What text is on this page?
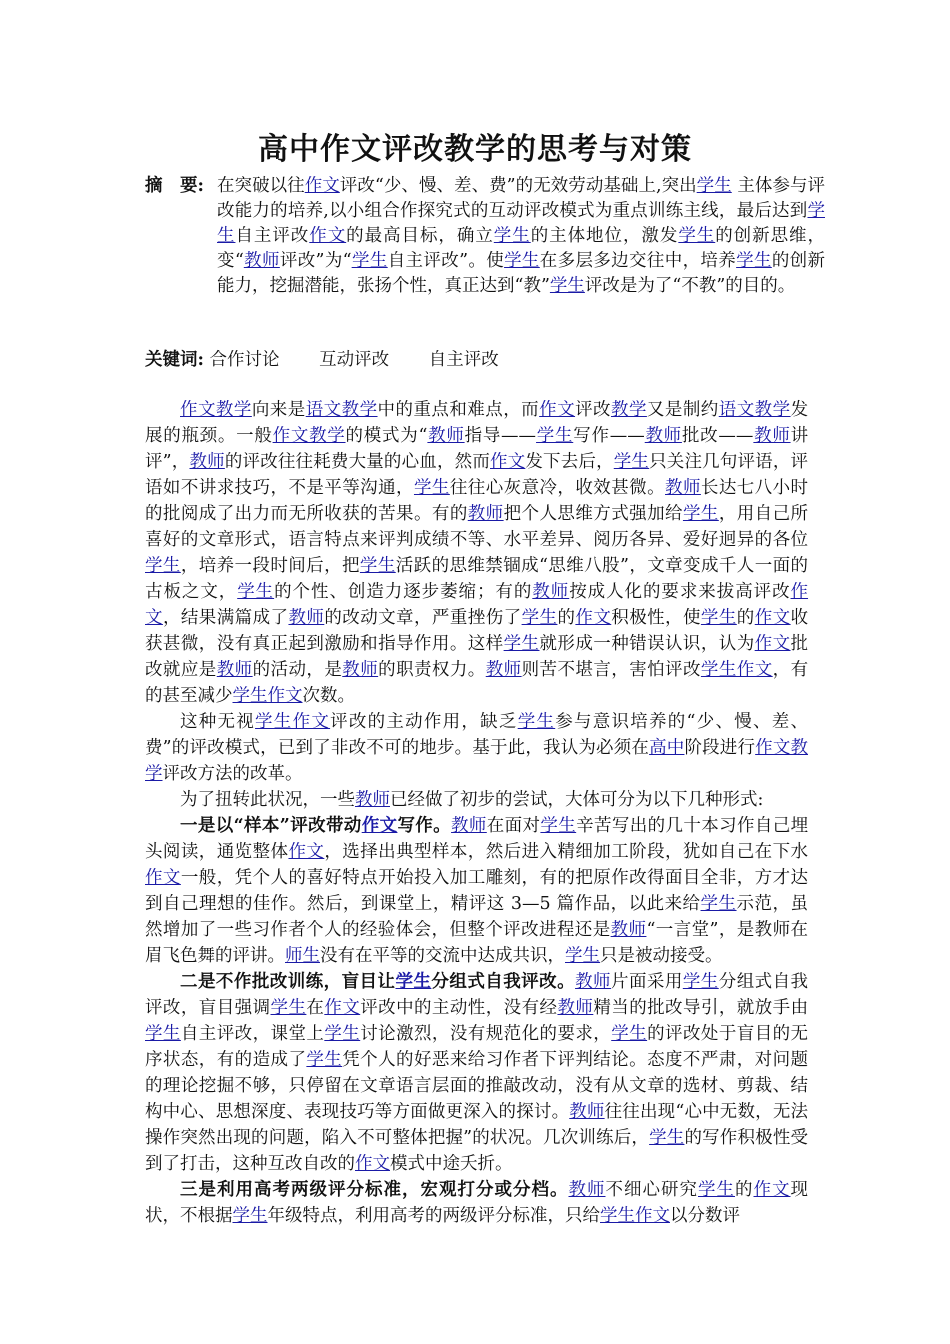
高中作文评改教学的思考与对策
摘　要: 在突破以往作文评改“少、慢、差、费”的无效劳动基础上,突出学生 主体参与评改能力的培养,以小组合作探究式的互动评改模式为重点训练主线，最后达到学生自主评改作文的最高目标，确立学生的主体地位，激发学生的创新思维，变“教师评改”为“学生自主评改”。使学生在多层多边交往中，培养学生的创新能力，挖掘潜能，张扬个性，真正达到“教”学生评改是为了“不教”的目的。
关键词: 合作讨论 互动评改 自主评改

作文教学向来是语文教学中的重点和难点，而作文评改教学又是制约语文教学发展的瓶颈。一般作文教学的模式为“教师指导——学生写作——教师批改——教师讲评”，教师的评改往往耗费大量的心血，然而作文发下去后，学生只关注几句评语，评语如不讲求技巧，不是平等沟通，学生往往心灰意冷，收效甚微。教师长达七八小时的批阅成了出力而无所收获的苦果。有的教师把个人思维方式强加给学生，用自己所喜好的文章形式，语言特点来评判成绩不等、水平差异、阅历各异、爱好迥异的各位学生，培养一段时间后，把学生活跃的思维禁锢成“思维八股”，文章变成千人一面的古板之文，学生的个性、创造力逐步萎缩；有的教师按成人化的要求来拔高评改作文，结果满篇成了教师的改动文章，严重挫伤了学生的作文积极性，使学生的作文收获甚微，没有真正起到激励和指导作用。这样学生就形成一种错误认识，认为作文批改就应是教师的活动，是教师的职责权力。教师则苦不堪言，害怕评改学生作文，有的甚至减少学生作文次数。

这种无视学生作文评改的主动作用，缺乏学生参与意识培养的“少、慢、差、费”的评改模式，已到了非改不可的地步。基于此，我认为必须在高中阶段进行作文教学评改方法的改革。

为了扭转此状况，一些教师已经做了初步的尝试，大体可分为以下几种形式:

一是以“样本”评改带动作文写作。教师在面对学生辛苦写出的几十本习作自己埋头阅读，通览整体作文，选择出典型样本，然后进入精细加工阶段，犹如自己在下水作文一般，凭个人的喜好特点开始投入加工雕刻，有的把原作改得面目全非，方才达到自己理想的佳作。然后，到课堂上，精评这 3—5 篇作品，以此来给学生示范，虽然增加了一些习作者个人的经验体会，但整个评改进程还是教师“一言堂”，是教师在眉飞色舞的评讲。师生没有在平等的交流中达成共识，学生只是被动接受。

二是不作批改训练，盲目让学生分组式自我评改。教师片面采用学生分组式自我评改，盲目强调学生在作文评改中的主动性，没有经教师精当的批改导引，就放手由学生自主评改，课堂上学生讨论激烈，没有规范化的要求，学生的评改处于盲目的无序状态，有的造成了学生凭个人的好恶来给习作者下评判结论。态度不严肃，对问题的理论挖掘不够，只停留在文章语言层面的推敲改动，没有从文章的选材、剪裁、结构中心、思想深度、表现技巧等方面做更深入的探讨。教师往往出现“心中无数，无法操作突然出现的问题，陷入不可整体把握”的状况。几次训练后，学生的写作积极性受到了打击，这种互改自改的作文模式中途夭折。

三是利用高考两级评分标准，宏观打分或分档。教师不细心研究学生的作文现状，不根据学生年级特点，利用高考的两级评分标准，只给学生作文以分数评
